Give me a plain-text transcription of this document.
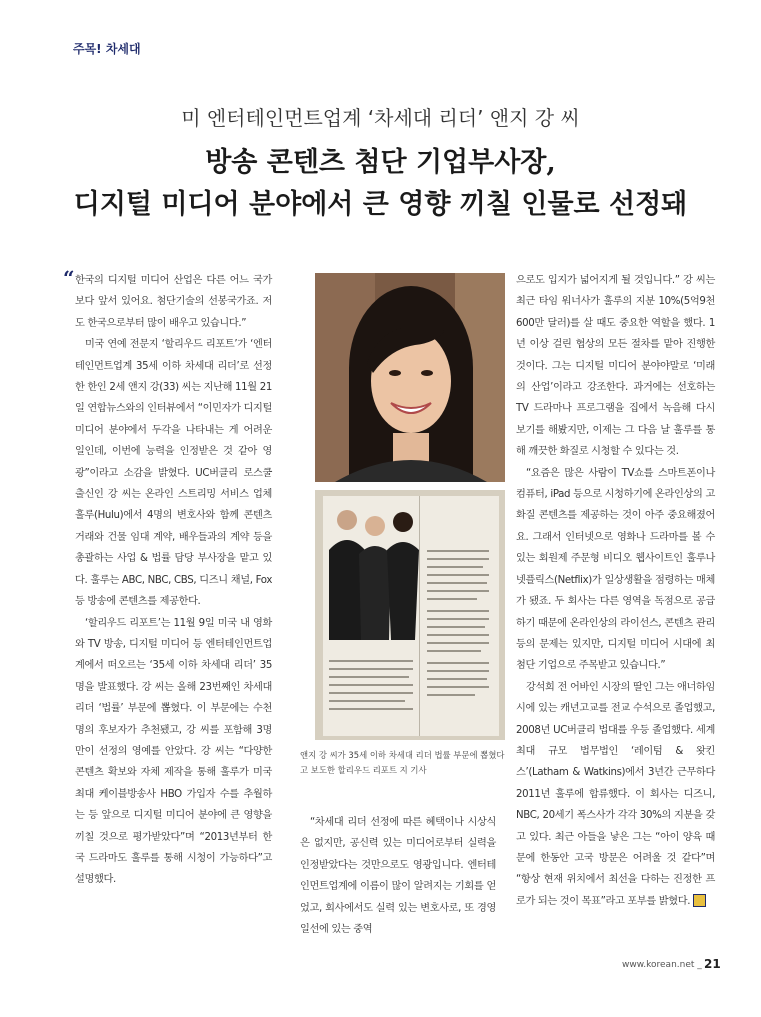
주목! 차세대
미 엔터테인먼트업계 ‘차세대 리더’ 앤지 강 씨
방송 콘텐츠 첨단 기업부사장,
디지털 미디어 분야에서 큰 영향 끼칠 인물로 선정돼
“ 한국의 디지털 미디어 산업은 다른 어느 국가보다 앞서 있어요. 첨단기술의 선봉국가죠. 저도 한국으로부터 많이 배우고 있습니다.”

미국 연예 전문지 ‘할리우드 리포트’가 ‘엔터테인먼트업계 35세 이하 차세대 리더’로 선정한 한인 2세 앤지 강(33) 씨는 지난해 11월 21일 연합뉴스와의 인터뷰에서 “이민자가 디지털 미디어 분야에서 두각을 나타내는 게 어려운 일인데, 이번에 능력을 인정받은 것 같아 영광”이라고 소감을 밝혔다. UC버클리 로스쿨 출신인 강 씨는 온라인 스트리밍 서비스 업체 훌루(Hulu)에서 4명의 변호사와 함께 콘텐츠 거래와 건물 임대 계약, 배우들과의 계약 등을 총괄하는 사업 & 법률 담당 부사장을 맡고 있다. 훌루는 ABC, NBC, CBS, 디즈니 채널, Fox 등 방송에 콘텐츠를 제공한다.

‘할리우드 리포트’는 11월 9일 미국 내 영화와 TV 방송, 디지털 미디어 등 엔터테인먼트업계에서 떠오르는 ‘35세 이하 차세대 리더’ 35명을 발표했다. 강 씨는 올해 23번째인 차세대 리더 ‘법률’ 부문에 뽑혔다. 이 부문에는 수천 명의 후보자가 추천됐고, 강 씨를 포함해 3명만이 선정의 영예를 안았다. 강 씨는 “다양한 콘텐츠 확보와 자체 제작을 통해 훌루가 미국 최대 케이블방송사 HBO 가입자 수를 추월하는 등 앞으로 디지털 미디어 분야에 큰 영향을 끼칠 것으로 평가받았다”며 “2013년부터 한국 드라마도 훌루를 통해 시청이 가능하다”고 설명했다.

앤지 강 씨가 35세 이하 차세대 리더 법률 부문에 뽑혔다고 보도한 할리우드 리포트 지 기사

“차세대 리더 선정에 따른 혜택이나 시상식은 없지만, 공신력 있는 미디어로부터 실력을 인정받았다는 것만으로도 영광입니다. 엔터테인먼트업계에 이름이 많이 알려지는 기회를 얻었고, 회사에서도 실력 있는 변호사로, 또 경영 일선에 있는 중역

으로도 입지가 넓어지게 될 것입니다.” 강 씨는 최근 타임 워너사가 훌루의 지분 10%(5억9천600만 달러)를 살 때도 중요한 역할을 했다. 1년 이상 걸린 협상의 모든 절차를 맡아 진행한 것이다. 그는 디지털 미디어 분야야말로 ‘미래의 산업’이라고 강조한다. 과거에는 선호하는 TV 드라마나 프로그램을 집에서 녹음해 다시 보기를 해봤지만, 이제는 그 다음 날 훌루를 통해 깨끗한 화질로 시청할 수 있다는 것.

“요즘은 많은 사람이 TV쇼를 스마트폰이나 컴퓨터, iPad 등으로 시청하기에 온라인상의 고화질 콘텐츠를 제공하는 것이 아주 중요해졌어요. 그래서 인터넷으로 영화나 드라마를 볼 수 있는 회원제 주문형 비디오 웹사이트인 훌루나 넷플릭스(Netflix)가 일상생활을 점령하는 매체가 됐죠. 두 회사는 다른 영역을 독점으로 공급하기 때문에 온라인상의 라이선스, 콘텐츠 관리 등의 문제는 있지만, 디지털 미디어 시대에 최첨단 기업으로 주목받고 있습니다.”

강석희 전 어바인 시장의 딸인 그는 애너하임 시에 있는 캐년고교를 전교 수석으로 졸업했고, 2008년 UC버클리 법대를 우등 졸업했다. 세계 최대 규모 법무법인 ‘레이텀 & 왓킨스’(Latham & Watkins)에서 3년간 근무하다 2011년 훌루에 합류했다. 이 회사는 디즈니, NBC, 20세기 폭스사가 각각 30%의 지분을 갖고 있다. 최근 아들을 낳은 그는 “아이 양육 때문에 한동안 고국 방문은 어려울 것 같다”며 “항상 현재 위치에서 최선을 다하는 진정한 프로가 되는 것이 목표”라고 포부를 밝혔다.

www.korean.net _ 21
